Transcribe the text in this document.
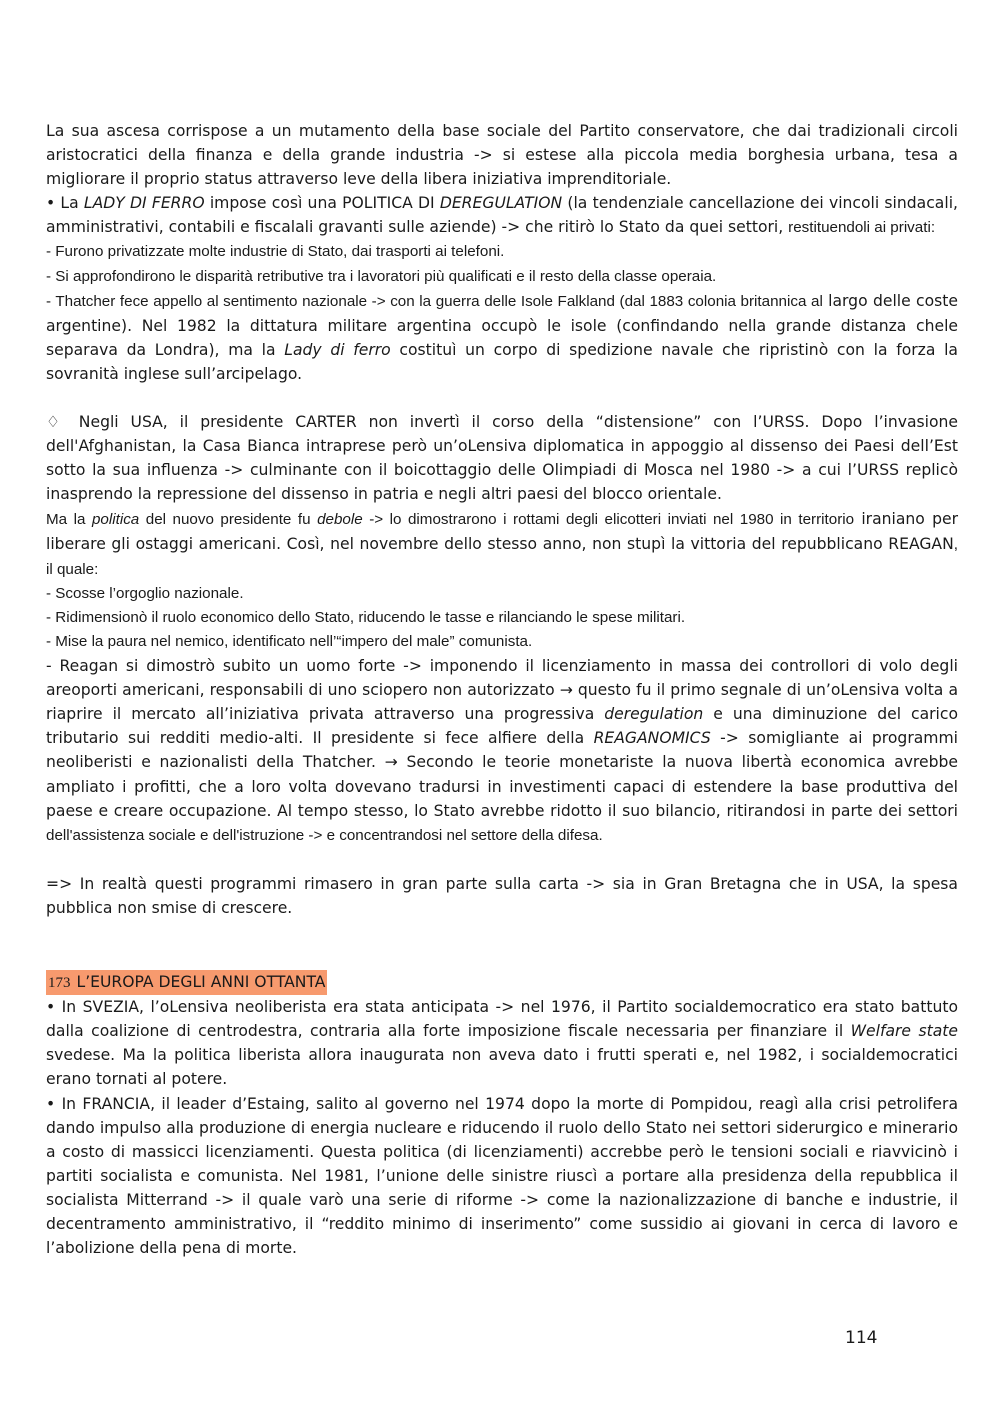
La sua ascesa corrispose a un mutamento della base sociale del Partito conservatore, che dai tradizionali circoli aristocratici della finanza e della grande industria -> si estese alla piccola media borghesia urbana, tesa a migliorare il proprio status attraverso leve della libera iniziativa imprenditoriale.

• La LADY DI FERRO impose così una POLITICA DI DEREGULATION (la tendenziale cancellazione dei vincoli sindacali, amministrativi, contabili e fiscalali gravanti sulle aziende) -> che ritirò lo Stato da quei settori, restituendoli ai privati:

- Furono privatizzate molte industrie di Stato, dai trasporti ai telefoni.

- Si approfondirono le disparità retributive tra i lavoratori più qualificati e il resto della classe operaia.

- Thatcher fece appello al sentimento nazionale -> con la guerra delle Isole Falkland (dal 1883 colonia britannica al largo delle coste argentine). Nel 1982 la dittatura militare argentina occupò le isole (confindando nella grande distanza chele separava da Londra), ma la Lady di ferro costituì un corpo di spedizione navale che ripristinò con la forza la sovranità inglese sull’arcipelago.

♢ Negli USA, il presidente CARTER non invertì il corso della “distensione” con l’URSS. Dopo l’invasione dell'Afghanistan, la Casa Bianca intraprese però un’oLensiva diplomatica in appoggio al dissenso dei Paesi dell’Est sotto la sua influenza -> culminante con il boicottaggio delle Olimpiadi di Mosca nel 1980 -> a cui l’URSS replicò inasprendo la repressione del dissenso in patria e negli altri paesi del blocco orientale.

Ma la politica del nuovo presidente fu debole -> lo dimostrarono i rottami degli elicotteri inviati nel 1980 in territorio iraniano per liberare gli ostaggi americani. Così, nel novembre dello stesso anno, non stupì la vittoria del repubblicano REAGAN, il quale:

- Scosse l’orgoglio nazionale.

- Ridimensionò il ruolo economico dello Stato, riducendo le tasse e rilanciando le spese militari.

- Mise la paura nel nemico, identificato nell’“impero del male” comunista.

- Reagan si dimostrò subito un uomo forte -> imponendo il licenziamento in massa dei controllori di volo degli areoporti americani, responsabili di uno sciopero non autorizzato → questo fu il primo segnale di un’oLensiva volta a riaprire il mercato all’iniziativa privata attraverso una progressiva deregulation e una diminuzione del carico tributario sui redditi medio-alti. Il presidente si fece alfiere della REAGANOMICS -> somigliante ai programmi neoliberisti e nazionalisti della Thatcher. → Secondo le teorie monetariste la nuova libertà economica avrebbe ampliato i profitti, che a loro volta dovevano tradursi in investimenti capaci di estendere la base produttiva del paese e creare occupazione. Al tempo stesso, lo Stato avrebbe ridotto il suo bilancio, ritirandosi in parte dei settori dell'assistenza sociale e dell'istruzione -> e concentrandosi nel settore della difesa.

=> In realtà questi programmi rimasero in gran parte sulla carta -> sia in Gran Bretagna che in USA, la spesa pubblica non smise di crescere.

173 L’EUROPA DEGLI ANNI OTTANTA

• In SVEZIA, l’oLensiva neoliberista era stata anticipata -> nel 1976, il Partito socialdemocratico era stato battuto dalla coalizione di centrodestra, contraria alla forte imposizione fiscale necessaria per finanziare il Welfare state svedese. Ma la politica liberista allora inaugurata non aveva dato i frutti sperati e, nel 1982, i socialdemocratici erano tornati al potere.

• In FRANCIA, il leader d’Estaing, salito al governo nel 1974 dopo la morte di Pompidou, reagì alla crisi petrolifera dando impulso alla produzione di energia nucleare e riducendo il ruolo dello Stato nei settori siderurgico e minerario a costo di massicci licenziamenti. Questa politica (di licenziamenti) accrebbe però le tensioni sociali e riavvicinò i partiti socialista e comunista. Nel 1981, l’unione delle sinistre riuscì a portare alla presidenza della repubblica il socialista Mitterrand -> il quale varò una serie di riforme -> come la nazionalizzazione di banche e industrie, il decentramento amministrativo, il “reddito minimo di inserimento” come sussidio ai giovani in cerca di lavoro e l’abolizione della pena di morte.

114
